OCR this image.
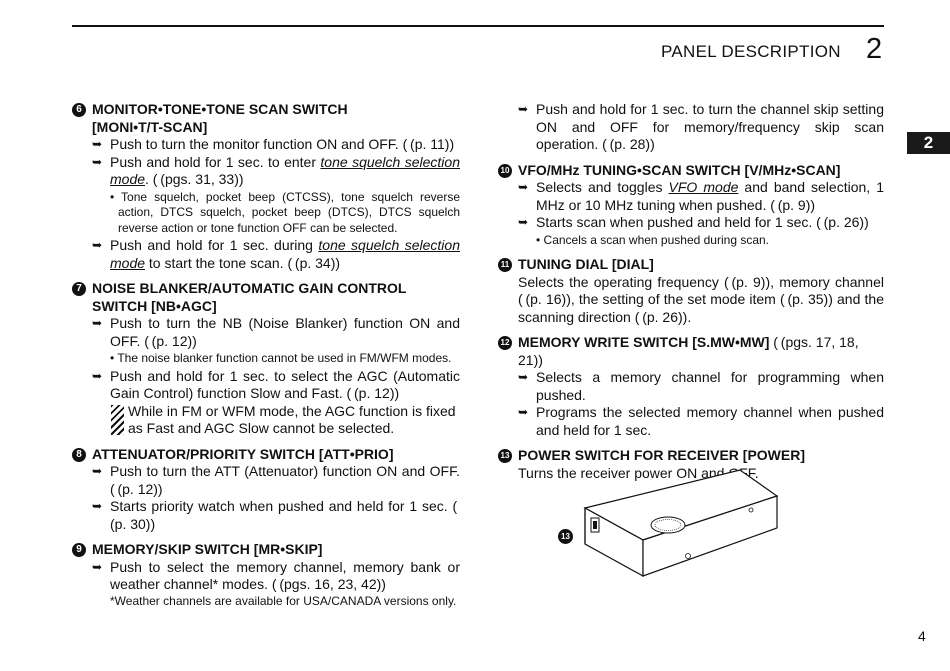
PANEL DESCRIPTION 2
2
6 MONITOR•TONE•TONE SCAN SWITCH
[MONI•T/T-SCAN]
➥ Push to turn the monitor function ON and OFF. ( (p. 11))
➥ Push and hold for 1 sec. to enter tone squelch selection mode. ( (pgs. 31, 33))
• Tone squelch, pocket beep (CTCSS), tone squelch reverse action, DTCS squelch, pocket beep (DTCS), DTCS squelch reverse action or tone function OFF can be selected.
➥ Push and hold for 1 sec. during tone squelch selection mode to start the tone scan. ( (p. 34))
7 NOISE BLANKER/AUTOMATIC GAIN CONTROL SWITCH [NB•AGC]
➥ Push to turn the NB (Noise Blanker) function ON and OFF. ( (p. 12))
• The noise blanker function cannot be used in FM/WFM modes.
➥ Push and hold for 1 sec. to select the AGC (Automatic Gain Control) function Slow and Fast. ( (p. 12))
While in FM or WFM mode, the AGC function is fixed as Fast and AGC Slow cannot be selected.
8 ATTENUATOR/PRIORITY SWITCH [ATT•PRIO]
➥ Push to turn the ATT (Attenuator) function ON and OFF. ( (p. 12))
➥ Starts priority watch when pushed and held for 1 sec. ( (p. 30))
9 MEMORY/SKIP SWITCH [MR•SKIP]
➥ Push to select the memory channel, memory bank or weather channel* modes. ( (pgs. 16, 23, 42))
*Weather channels are available for USA/CANADA versions only.
➥ Push and hold for 1 sec. to turn the channel skip setting ON and OFF for memory/frequency skip scan operation. ( (p. 28))
10 VFO/MHz TUNING•SCAN SWITCH [V/MHz•SCAN]
➥ Selects and toggles VFO mode and band selection, 1 MHz or 10 MHz tuning when pushed. ( (p. 9))
➥ Starts scan when pushed and held for 1 sec. ( (p. 26))
• Cancels a scan when pushed during scan.
11 TUNING DIAL [DIAL]
Selects the operating frequency ( (p. 9)), memory channel ( (p. 16)), the setting of the set mode item ( (p. 35)) and the scanning direction ( (p. 26)).
12 MEMORY WRITE SWITCH [S.MW•MW] ( (pgs. 17, 18, 21))
➥ Selects a memory channel for programming when pushed.
➥ Programs the selected memory channel when pushed and held for 1 sec.
13 POWER SWITCH FOR RECEIVER [POWER]
Turns the receiver power ON and OFF.
13
4
